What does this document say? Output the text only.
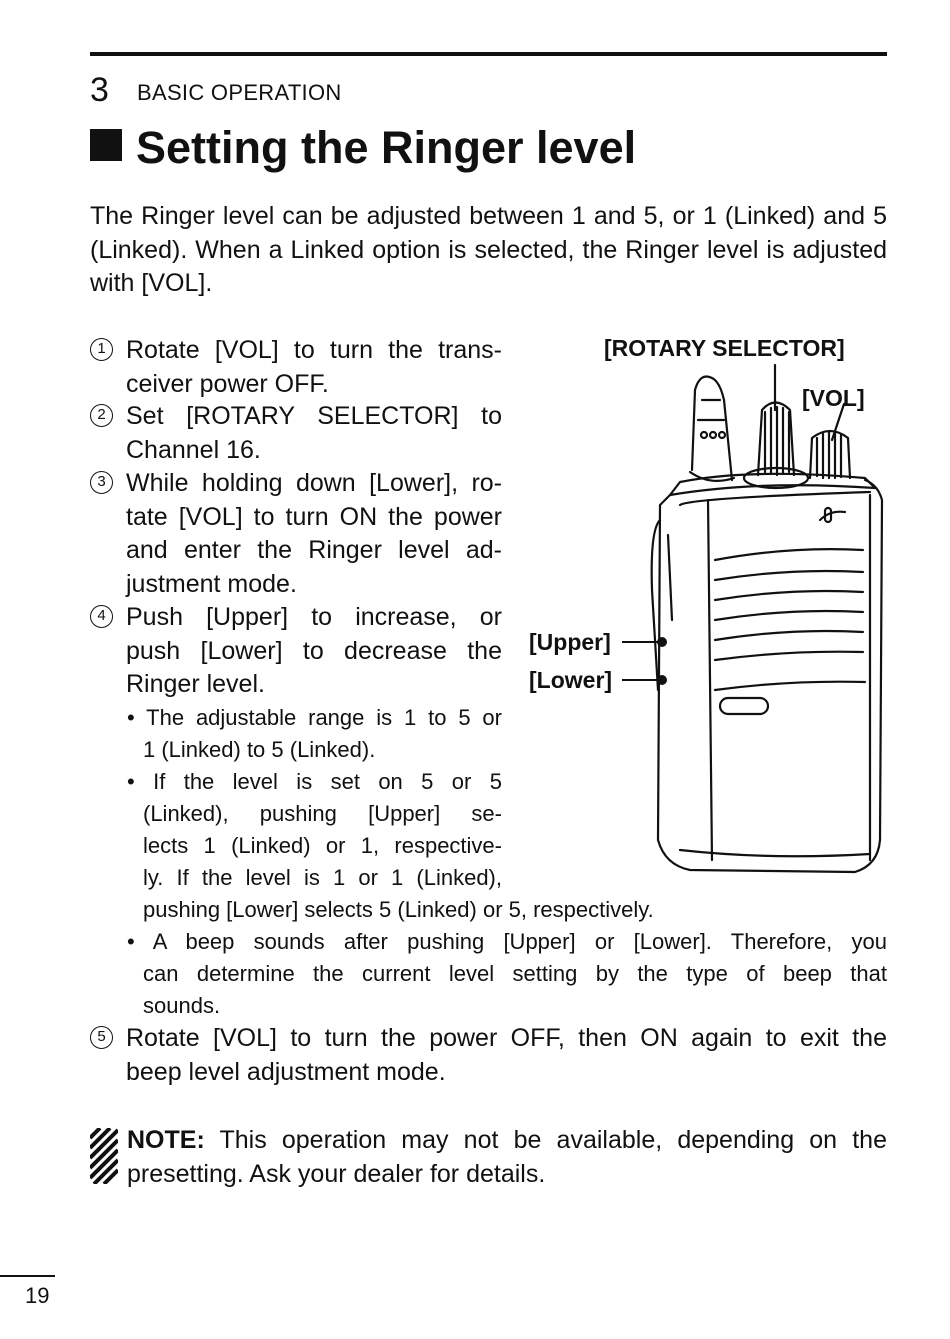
3 BASIC OPERATION
Setting the Ringer level
The Ringer level can be adjusted between 1 and 5, or 1 (Linked) and 5 (Linked). When a Linked option is selected, the Ringer level is adjusted with [VOL].
1 Rotate [VOL] to turn the trans-
ceiver power OFF.
2 Set [ROTARY SELECTOR] to
Channel 16.
3 While holding down [Lower], ro-
tate [VOL] to turn ON the power
and enter the Ringer level ad-
justment mode.
4 Push [Upper] to increase, or
push [Lower] to decrease the
Ringer level.
• The adjustable range is 1 to 5 or
1 (Linked) to 5 (Linked).
• If the level is set on 5 or 5
(Linked), pushing [Upper] se-
lects 1 (Linked) or 1, respective-
ly. If the level is 1 or 1 (Linked),
pushing [Lower] selects 5 (Linked) or 5, respectively.
• A beep sounds after pushing [Upper] or [Lower]. Therefore, you
can determine the current level setting by the type of beep that
sounds.
5 Rotate [VOL] to turn the power OFF, then ON again to exit the
beep level adjustment mode.
NOTE: This operation may not be available, depending on the presetting. Ask your dealer for details.
[ROTARY SELECTOR]
[VOL]
[Upper]
[Lower]
19
